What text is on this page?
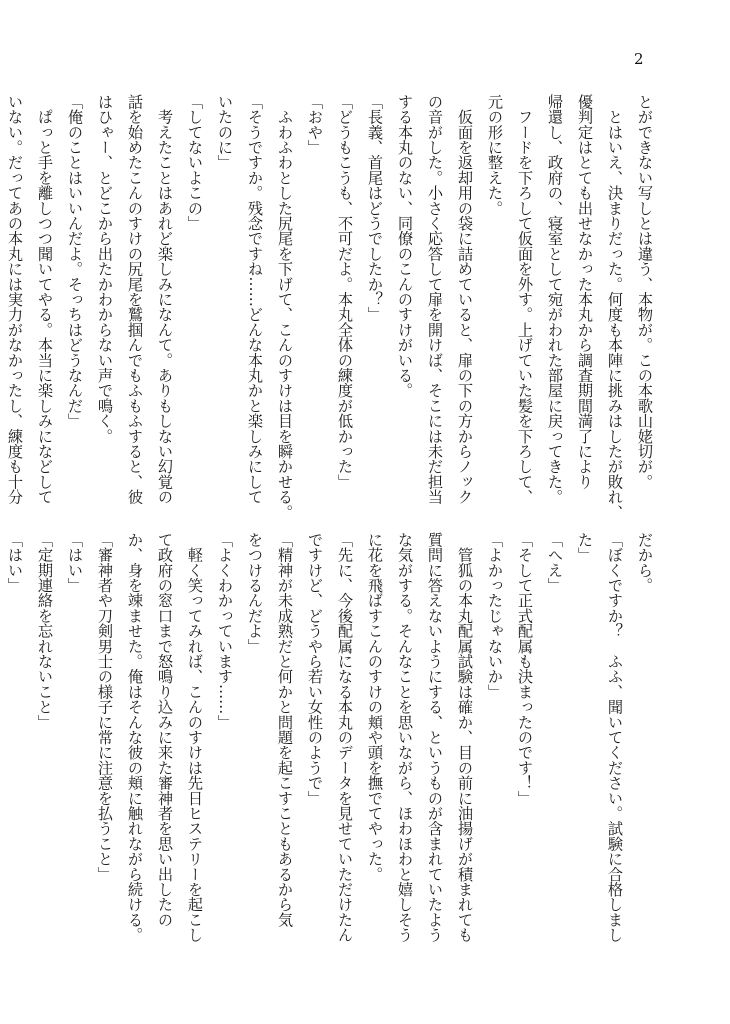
2
とができない写しとは違う、本物が。この本歌山姥切が。
　とはいえ、決まりだった。何度も本陣に挑みはしたが敗れ、
優判定はとても出せなかった本丸から調査期間満了により
帰還し、政府の、寝室として宛がわれた部屋に戻ってきた。
　フードを下ろして仮面を外す。上げていた髪を下ろして、
元の形に整えた。
　仮面を返却用の袋に詰めていると、扉の下の方からノック
の音がした。小さく応答して扉を開けば、そこには未だ担当
する本丸のない、同僚のこんのすけがいる。
「長義、首尾はどうでしたか？」
「どうもこうも、不可だよ。本丸全体の練度が低かった」
「おや」
　ふわふわとした尻尾を下げて、こんのすけは目を瞬かせる。
「そうですか。残念ですね……どんな本丸かと楽しみにして
いたのに」
「してないよこの」
　考えたことはあれど楽しみになんて。ありもしない幻覚の
話を始めたこんのすけの尻尾を鷲掴んでもふもふすると、彼
はひゃー、とどこから出たかわからない声で鳴く。
「俺のことはいいんだよ。そっちはどうなんだ」
　ぱっと手を離しつつ聞いてやる。本当に楽しみになどして
いない。だってあの本丸には実力がなかったし、練度も十分
だから。
「ぼくですか？　ふふ、聞いてください。試験に合格しまし
た」
「へえ」
「そして正式配属も決まったのです！」
「よかったじゃないか」
　管狐の本丸配属試験は確か、目の前に油揚げが積まれても
質問に答えないようにする、というものが含まれていたよう
な気がする。そんなことを思いながら、ほわほわと嬉しそう
に花を飛ばすこんのすけの頬や頭を撫でてやった。
「先に、今後配属になる本丸のデータを見せていただけたん
ですけど、どうやら若い女性のようで」
「精神が未成熟だと何かと問題を起こすこともあるから気
をつけるんだよ」
「よくわかっています……」
　軽く笑ってみれば、こんのすけは先日ヒステリーを起こし
て政府の窓口まで怒鳴り込みに来た審神者を思い出したの
か、身を竦ませた。俺はそんな彼の頬に触れながら続ける。
「審神者や刀剣男士の様子に常に注意を払うこと」
「はい」
「定期連絡を忘れないこと」
「はい」
